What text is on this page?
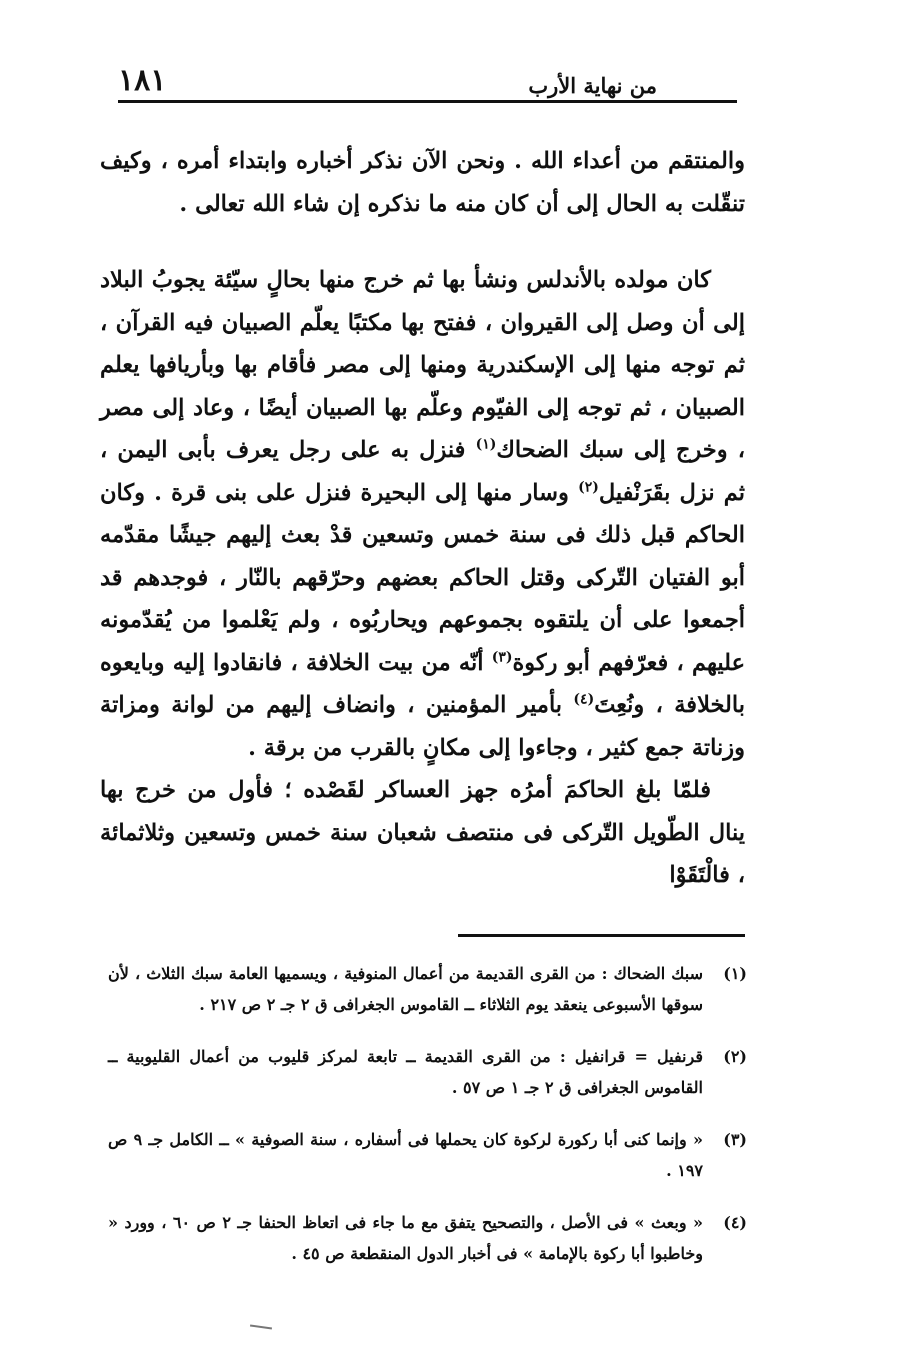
من نهاية الأرب
١٨١

والمنتقم من أعداء الله . ونحن الآن نذكر أخباره وابتداء أمره ، وكيف تنقّلت به الحال إلى أن كان منه ما نذكره إن شاء الله تعالى .

كان مولده بالأندلس ونشأ بها ثم خرج منها بحالٍ سيّئة يجوبُ البلاد إلى أن وصل إلى القيروان ، ففتح بها مكتبًا يعلّم الصبيان فيه القرآن ، ثم توجه منها إلى الإسكندرية ومنها إلى مصر فأقام بها وبأريافها يعلم الصبيان ، ثم توجه إلى الفيّوم وعلّم بها الصبيان أيضًا ، وعاد إلى مصر ، وخرج إلى سبك الضحاك$^{(١)}$ فنزل به على رجل يعرف بأبى اليمن ، ثم نزل بقَرَنْفيل$^{(٢)}$ وسار منها إلى البحيرة فنزل على بنى قرة . وكان الحاكم قبل ذلك فى سنة خمس وتسعين قدْ بعث إليهم جيشًا مقدّمه أبو الفتيان التّركى وقتل الحاكم بعضهم وحرّقهم بالنّار ، فوجدهم قد أجمعوا على أن يلتقوه بجموعهم ويحاربُوه ، ولم يَعْلموا من يُقدّمونه عليهم ، فعرّفهم أبو ركوة$^{(٣)}$ أنّه من بيت الخلافة ، فانقادوا إليه وبايعوه بالخلافة ، ونُعِتَ$^{(٤)}$ بأمير المؤمنين ، وانضاف إليهم من لوانة ومزاتة وزناتة جمع كثير ، وجاءوا إلى مكانٍ بالقرب من برقة .

فلمّا بلغ الحاكمَ أمرُه جهز العساكر لقَصْده ؛ فأول من خرج بها ينال الطّويل التّركى فى منتصف شعبان سنة خمس وتسعين وثلاثمائة ، فالْتَقَوْا

(١)
سبك الضحاك : من القرى القديمة من أعمال المنوفية ، ويسميها العامة سبك الثلاث ، لأن سوقها الأسبوعى ينعقد يوم الثلاثاء ــ القاموس الجغرافى ق ٢ جـ ٢ ص ٢١٧ .
(٢)
قرنفيل = قرانفيل : من القرى القديمة ــ تابعة لمركز قليوب من أعمال القليوبية ــ القاموس الجغرافى ق ٢ جـ ١ ص ٥٧ .
(٣)
« وإنما كنى أبا ركورة لركوة كان يحملها فى أسفاره ، سنة الصوفية » ــ الكامل جـ ٩ ص ١٩٧ .
(٤)
« وبعث » فى الأصل ، والتصحيح يتفق مع ما جاء فى اتعاظ الحنفا جـ ٢ ص ٦٠ ، وورد « وخاطبوا أبا ركوة بالإمامة » فى أخبار الدول المنقطعة ص ٤٥ .
